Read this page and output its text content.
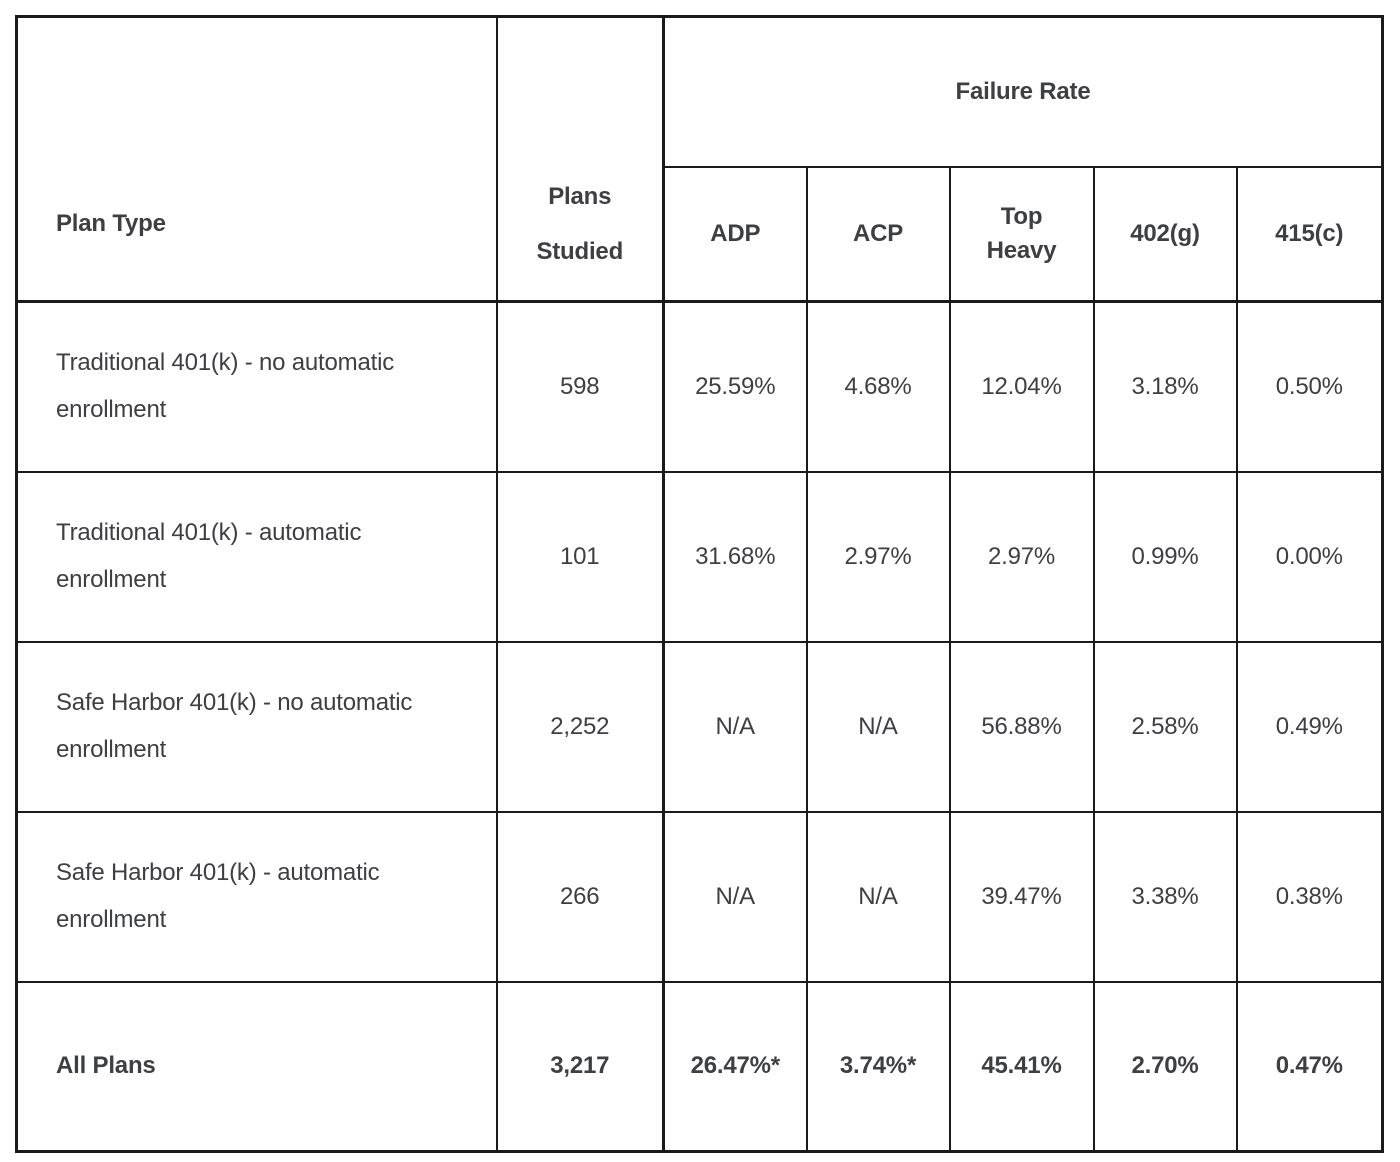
Plan Type	Plans Studied	Failure Rate				
		ADP	ACP	Top Heavy	402(g)	415(c)
Traditional 401(k) - no automatic enrollment	598	25.59%	4.68%	12.04%	3.18%	0.50%
Traditional 401(k) - automatic enrollment	101	31.68%	2.97%	2.97%	0.99%	0.00%
Safe Harbor 401(k) - no automatic enrollment	2,252	N/A	N/A	56.88%	2.58%	0.49%
Safe Harbor 401(k) - automatic enrollment	266	N/A	N/A	39.47%	3.38%	0.38%
All Plans	3,217	26.47%*	3.74%*	45.41%	2.70%	0.47%
